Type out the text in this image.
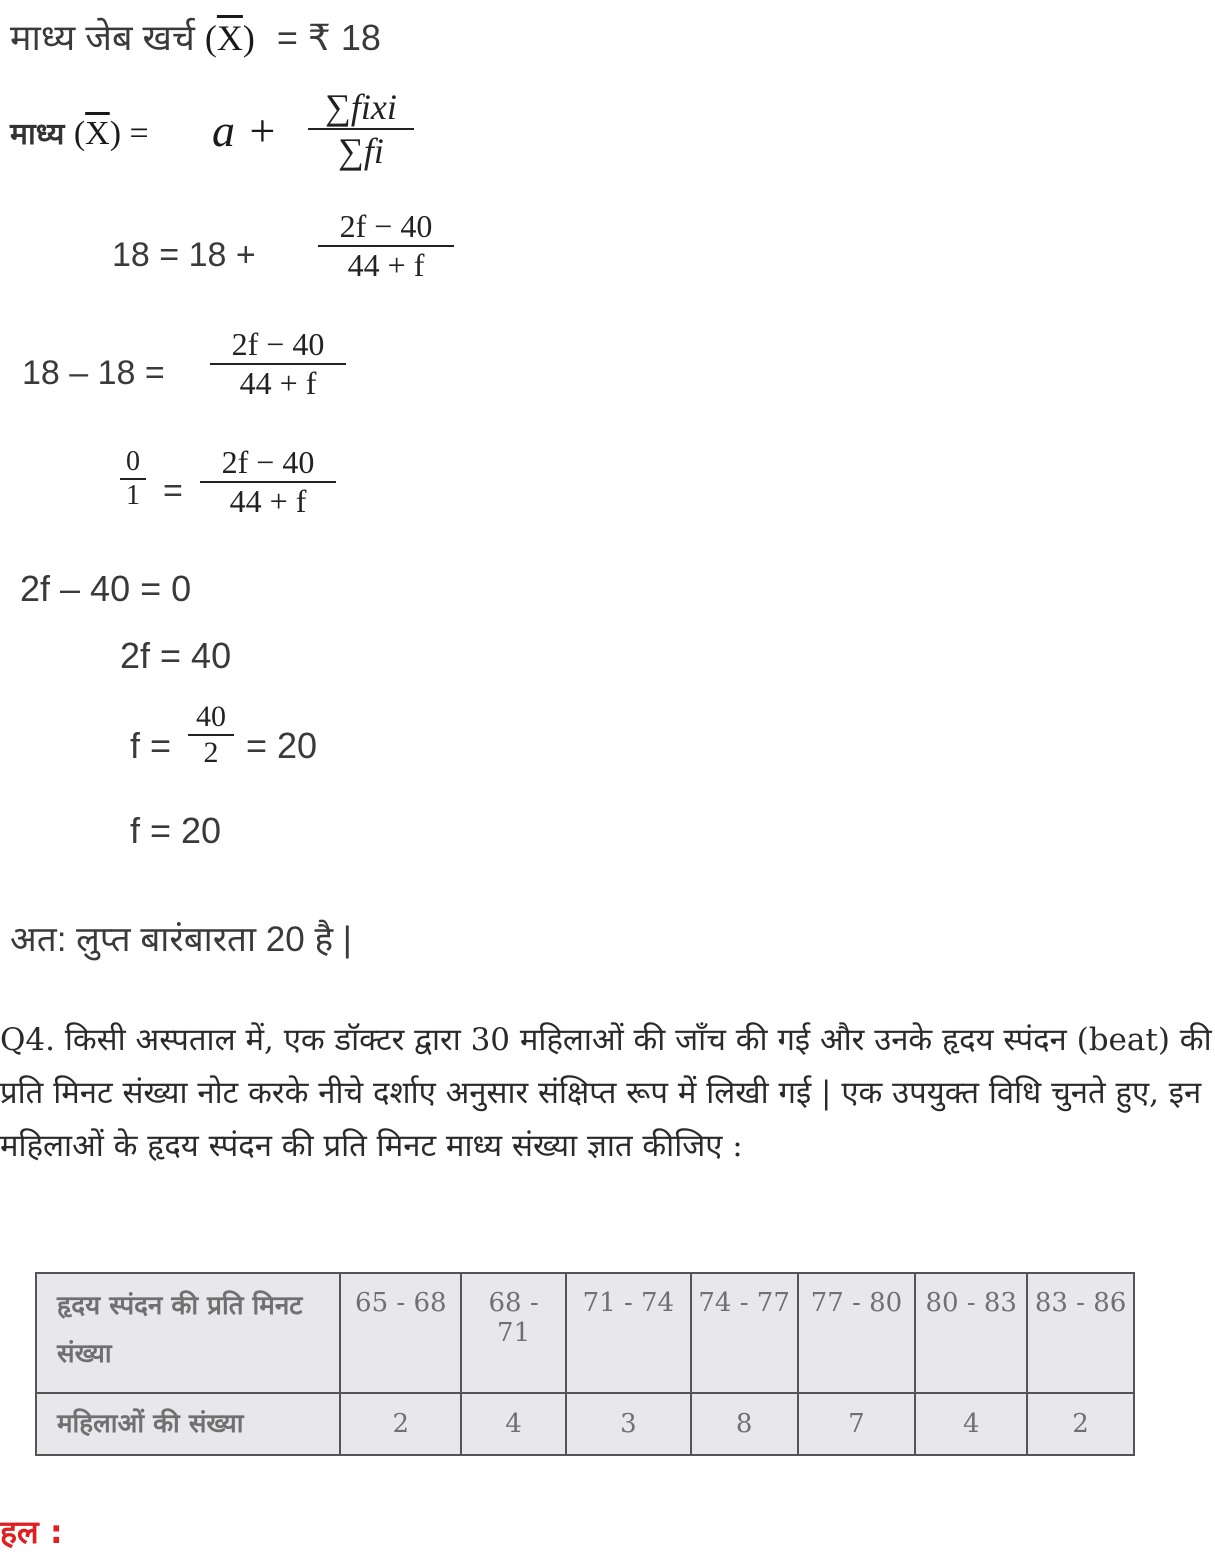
माध्य जेब खर्च $(\overline{X})$ = ₹ 18
माध्य $(\overline{X}) = a$ + ∑fixi
∑fi
18 = 18 +
2f − 40
44 + f
18 – 18 =
2f − 40
44 + f
0
1 =
2f − 40
44 + f
2f – 40 = 0
2f = 40
f =
40
2 = 20
f = 20
अत: लुप्त बारंबारता 20 है |
Q4. किसी अस्पताल में, एक डॉक्टर द्वारा 30 महिलाओं की जाँच की गई और उनके हृदय स्पंदन (beat) की प्रति मिनट संख्या नोट करके नीचे दर्शाए अनुसार संक्षिप्त रूप में लिखी गई | एक उपयुक्त विधि चुनते हुए, इन महिलाओं के हृदय स्पंदन की प्रति मिनट माध्य संख्या ज्ञात कीजिए :
हृदय स्पंदन की प्रति मिनट संख्या	65 - 68	68 - 71	71 - 74	74 - 77	77 - 80	80 - 83	83 - 86
महिलाओं की संख्या	2	4	3	8	7	4	2
हल :
